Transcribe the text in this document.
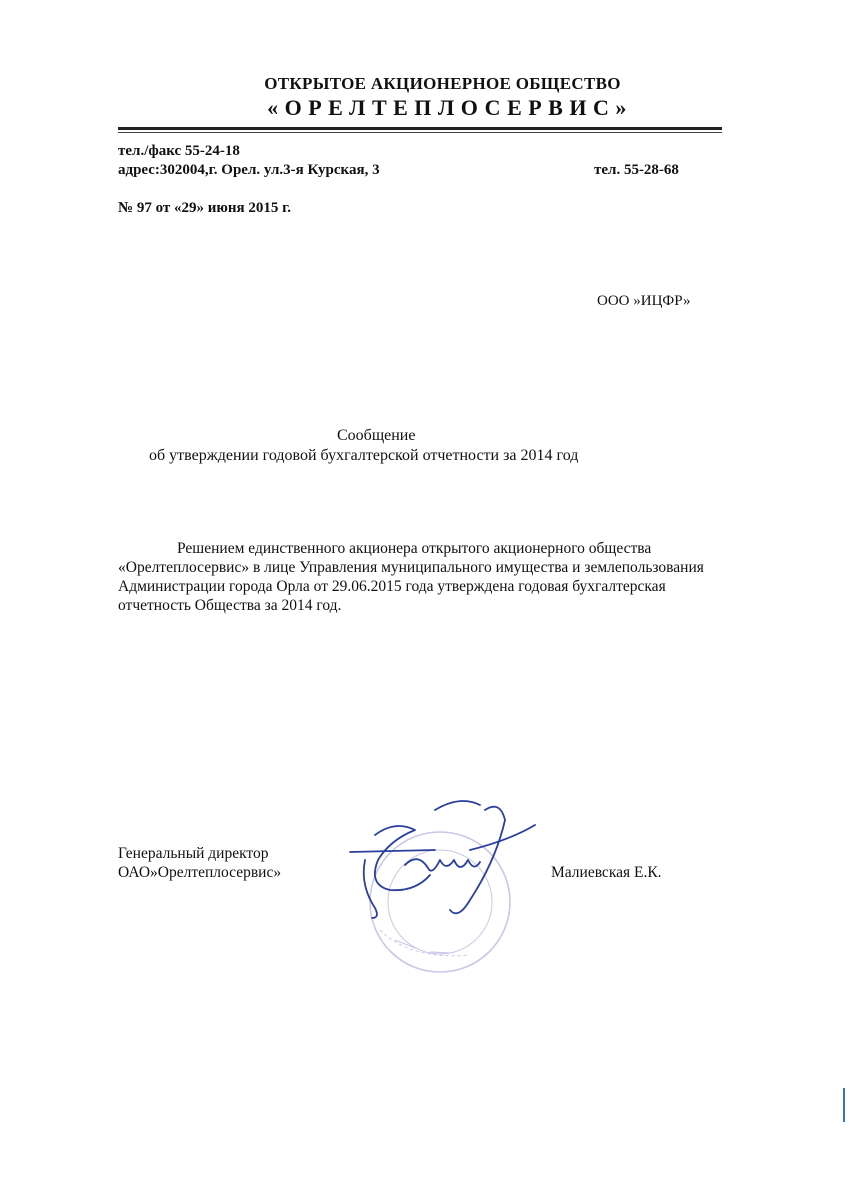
ОТКРЫТОЕ АКЦИОНЕРНОЕ ОБЩЕСТВО
«ОРЕЛТЕПЛОСЕРВИС»
тел./факс 55-24-18
адрес:302004,г. Орел. ул.3-я Курская, 3	тел. 55-28-68
№ 97 от «29» июня 2015 г.
ООО »ИЦФР»
Сообщение
об утверждении годовой бухгалтерской отчетности за 2014 год
Решением единственного акционера открытого акционерного общества
«Орелтеплосервис» в лице Управления муниципального имущества и землепользования
Администрации города Орла от 29.06.2015 года утверждена годовая бухгалтерская
отчетность Общества за 2014 год.
Генеральный директор
ОАО»Орелтеплосервис»	Малиевская Е.К.
